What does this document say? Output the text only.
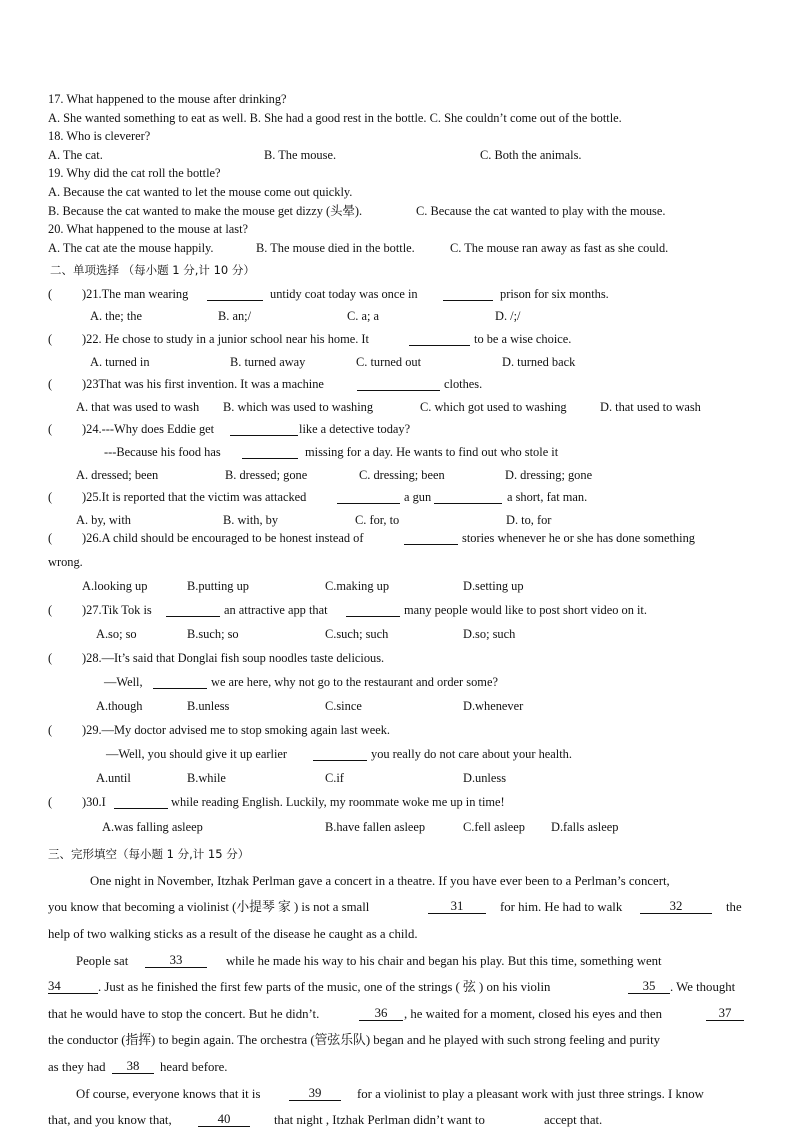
17. What happened to the mouse after drinking?
A. She wanted something to eat as well. B. She had a good rest in the bottle. C. She couldn’t come out of the bottle.
18. Who is cleverer?
A. The cat.	B. The mouse.	C. Both the animals.
19. Why did the cat roll the bottle?
A. Because the cat wanted to let the mouse come out quickly.
B. Because the cat wanted to make the mouse get dizzy (头晕).	C. Because the cat wanted to play with the mouse.
20. What happened to the mouse at last?
A. The cat ate the mouse happily.	B. The mouse died in the bottle.	C. The mouse ran away as fast as she could.
二、单项选择 （每小题 1 分,计 10 分）
( )21.The man wearing	untidy coat today was once in	prison for six months.
A. the; the	B. an;/	C. a; a	D. /;/
( )22. He chose to study in a junior school near his home. It	to be a wise choice.
A. turned in	B. turned away	C. turned out	D. turned back
( )23That was his first invention. It was a machine	clothes.
A. that was used to wash B. which was used to washing	C. which got used to washing	D. that used to wash
( )24.---Why does Eddie get	like a detective today?
---Because his food has	missing for a day. He wants to find out who stole it
A. dressed; been	B. dressed; gone	C. dressing; been	D. dressing; gone
( )25.It is reported that the victim was attacked	a gun	a short, fat man.
A. by, with	B. with, by	C. for, to	D. to, for
( )26.A child should be encouraged to be honest instead of	stories whenever he or she has done something
wrong.
A.looking up	B.putting up	C.making up	D.setting up
( )27.Tik Tok is	an attractive app that	many people would like to post short video on it.
A.so; so	B.such; so	C.such; such	D.so; such
( )28.—It’s said that Donglai fish soup noodles taste delicious.
—Well,	we are here, why not go to the restaurant and order some?
A.though	B.unless	C.since	D.whenever
( )29.—My doctor advised me to stop smoking again last week.
—Well, you should give it up earlier	you really do not care about your health.
A.until	B.while	C.if	D.unless
( )30.I	while reading English. Luckily, my roommate woke me up in time!
A.was falling asleep	B.have fallen asleep	C.fell asleep D.falls asleep
三、完形填空（每小题 1 分,计 15 分）
One night in November, Itzhak Perlman gave a concert in a theatre. If you have ever been to a Perlman’s concert,
you know that becoming a violinist (小提琴 家 ) is not a small	31	for him. He had to walk	32	the
help of two walking sticks as a result of the disease he caught as a child.
People sat	33	while he made his way to his chair and began his play. But this time, something went
34	. Just as he finished the first few parts of the music, one of the strings ( 弦 ) on his violin	35	. We thought
that he would have to stop the concert. But he didn’t.	36	, he waited for a moment, closed his eyes and then	37
the conductor (指挥) to begin again. The orchestra (管弦乐队) began and he played with such strong feeling and purity
as they had	38	heard before.
Of course, everyone knows that it is	39	for a violinist to play a pleasant work with just three strings. I know
that, and you know that,	40	that night , Itzhak Perlman didn’t want to	accept that.
